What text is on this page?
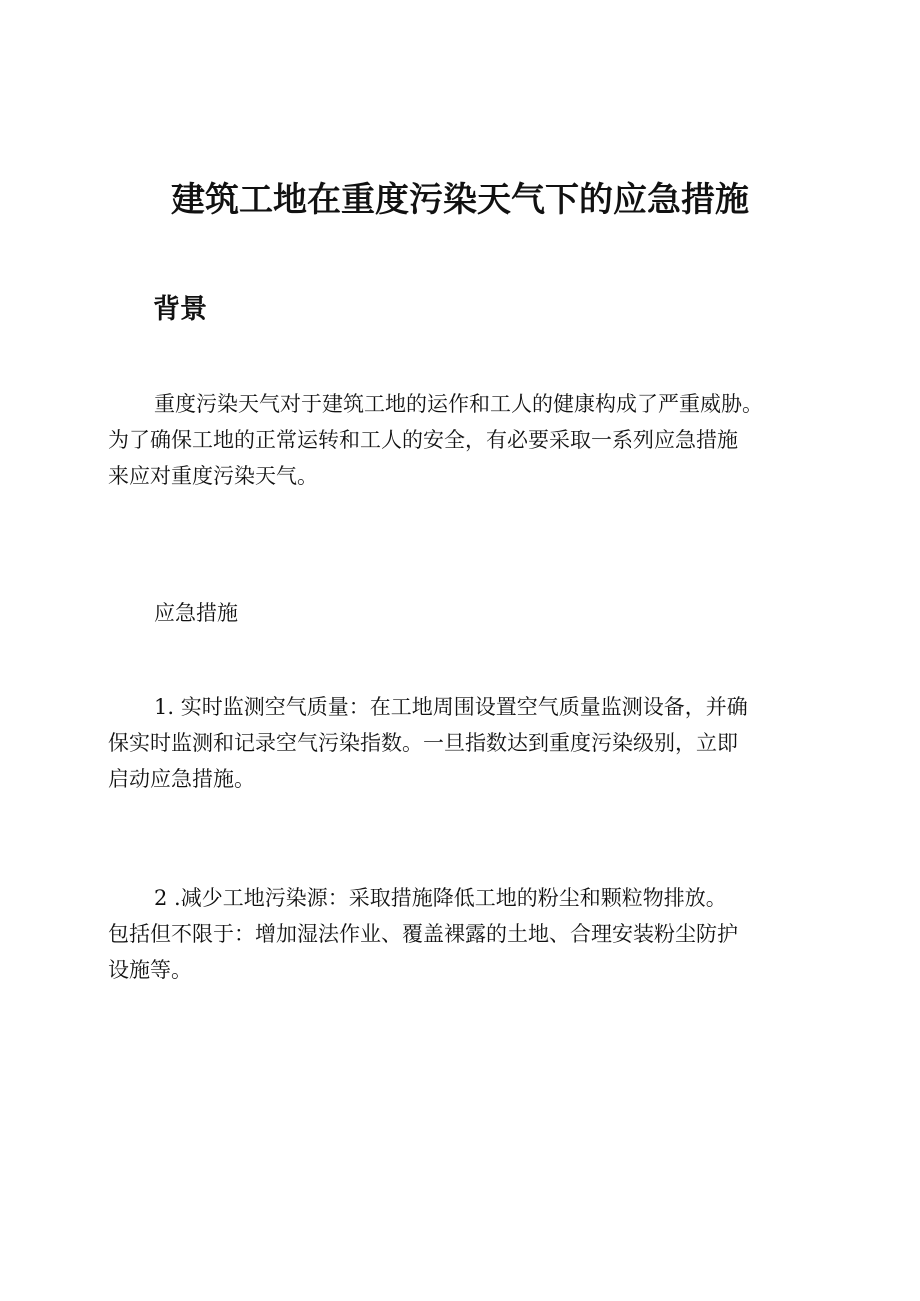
建筑工地在重度污染天气下的应急措施
背景
重度污染天气对于建筑工地的运作和工人的健康构成了严重威胁。
为了确保工地的正常运转和工人的安全，有必要采取一系列应急措施
来应对重度污染天气。
应急措施
1. 实时监测空气质量：在工地周围设置空气质量监测设备，并确
保实时监测和记录空气污染指数。一旦指数达到重度污染级别，立即
启动应急措施。
2 .减少工地污染源：采取措施降低工地的粉尘和颗粒物排放。
包括但不限于：增加湿法作业、覆盖裸露的土地、合理安装粉尘防护
设施等。
